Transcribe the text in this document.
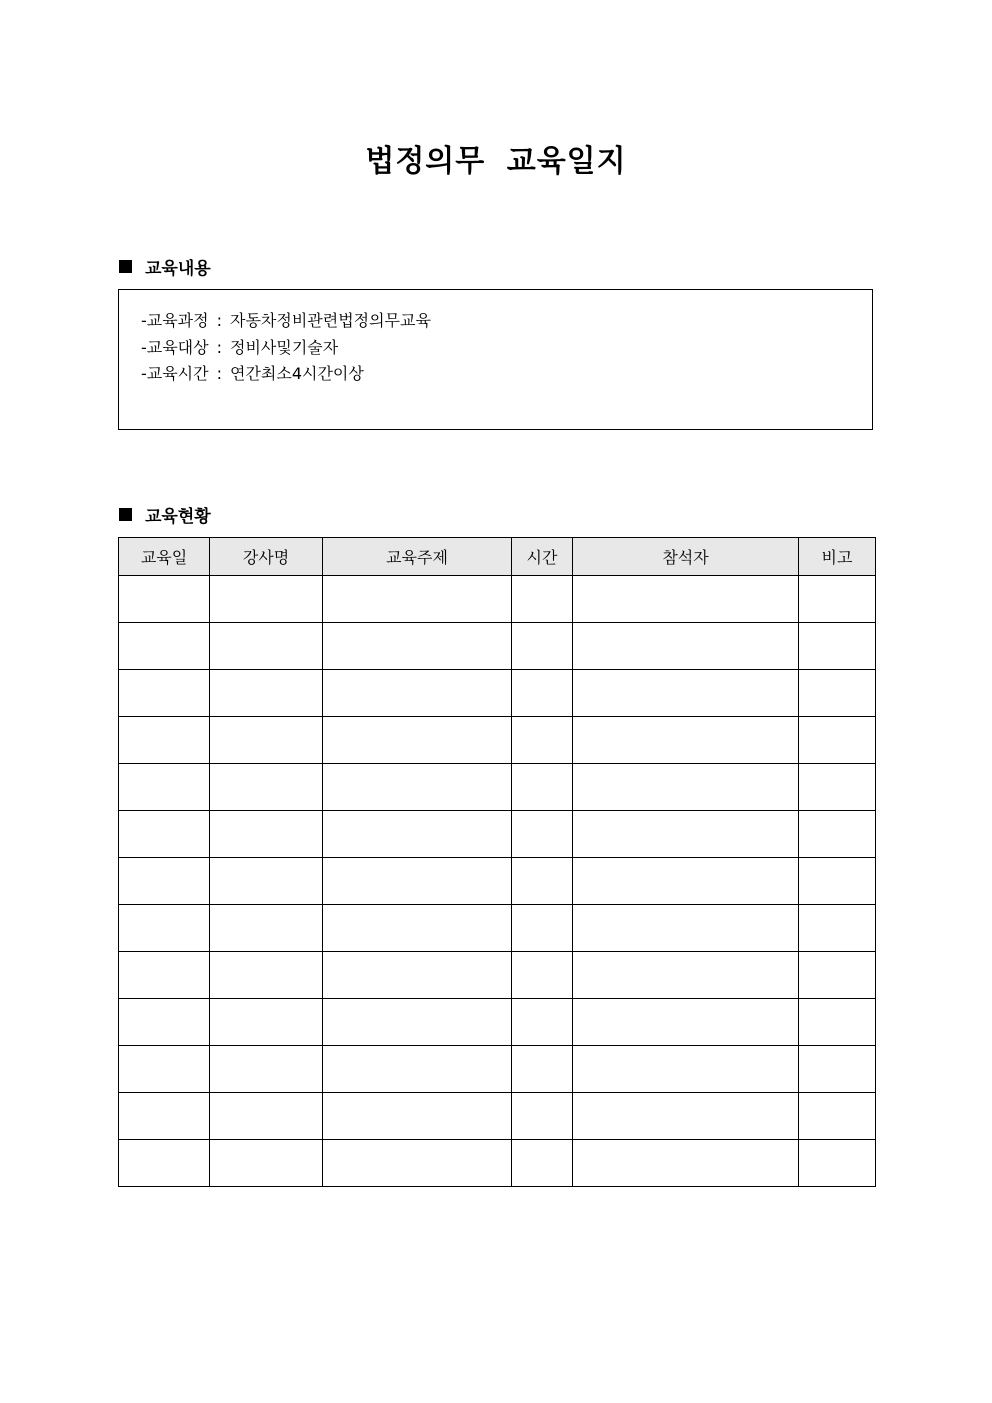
법정의무 교육일지
교육내용
-교육과정 : 자동차정비관련법정의무교육
-교육대상 : 정비사및기술자
-교육시간 : 연간최소4시간이상
교육현황
교육일	강사명	교육주제	시간	참석자	비고
